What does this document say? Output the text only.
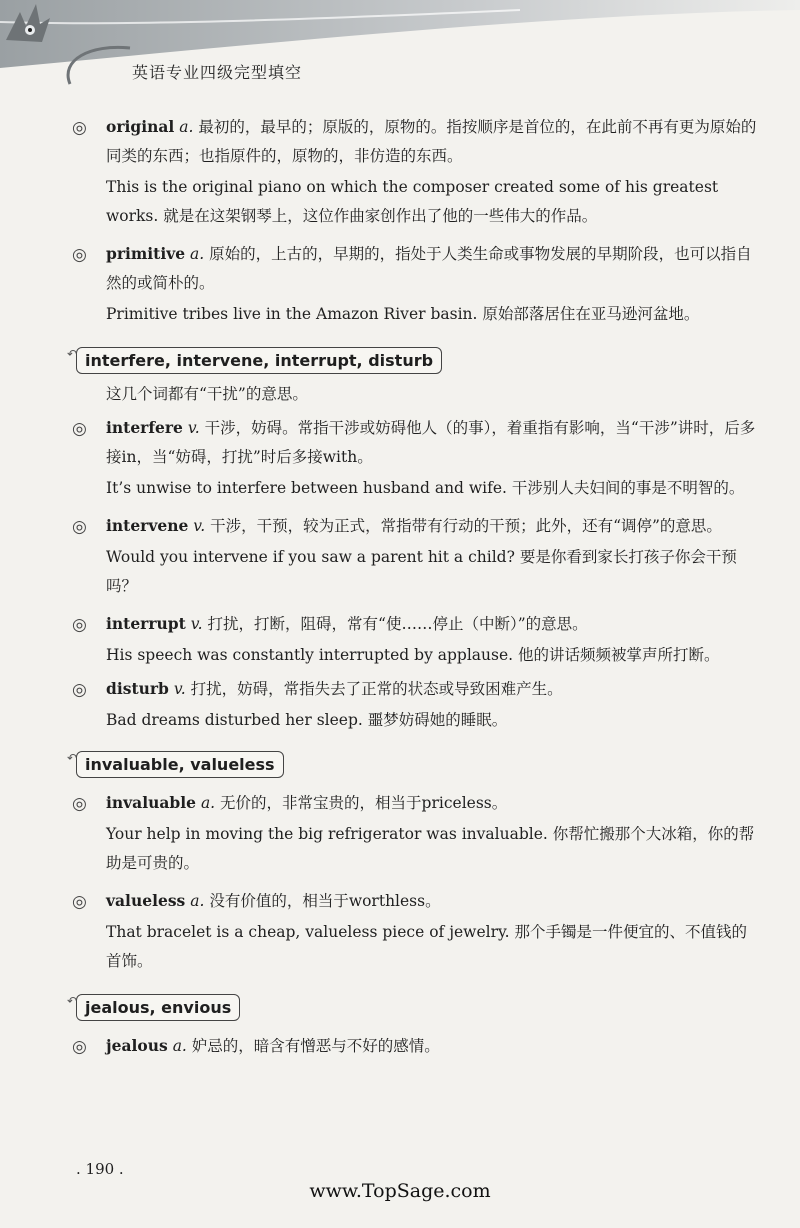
英语专业四级完型填空
◎ original a. 最初的，最早的；原版的，原物的。指按顺序是首位的，在此前不再有更为原始的同类的东西；也指原件的，原物的，非仿造的东西。
This is the original piano on which the composer created some of his greatest works. 就是在这架钢琴上，这位作曲家创作出了他的一些伟大的作品。
◎ primitive a. 原始的，上古的，早期的，指处于人类生命或事物发展的早期阶段，也可以指自然的或简朴的。
Primitive tribes live in the Amazon River basin. 原始部落居住在亚马逊河盆地。
↶ interfere, intervene, interrupt, disturb
这几个词都有“干扰”的意思。
◎ interfere v. 干涉，妨碍。常指干涉或妨碍他人（的事），着重指有影响，当“干涉”讲时，后多接in，当“妨碍，打扰”时后多接with。
It’s unwise to interfere between husband and wife. 干涉别人夫妇间的事是不明智的。
◎ intervene v. 干涉，干预，较为正式，常指带有行动的干预；此外，还有“调停”的意思。
Would you intervene if you saw a parent hit a child? 要是你看到家长打孩子你会干预吗？
◎ interrupt v. 打扰，打断，阻碍，常有“使……停止（中断）”的意思。
His speech was constantly interrupted by applause. 他的讲话频频被掌声所打断。
◎ disturb v. 打扰，妨碍，常指失去了正常的状态或导致困难产生。
Bad dreams disturbed her sleep. 噩梦妨碍她的睡眠。
↶ invaluable, valueless
◎ invaluable a. 无价的，非常宝贵的，相当于priceless。
Your help in moving the big refrigerator was invaluable. 你帮忙搬那个大冰箱，你的帮助是可贵的。
◎ valueless a. 没有价值的，相当于worthless。
That bracelet is a cheap, valueless piece of jewelry. 那个手镯是一件便宜的、不值钱的首饰。
↶ jealous, envious
◎ jealous a. 妒忌的，暗含有憎恶与不好的感情。
. 190 .
www.TopSage.com
